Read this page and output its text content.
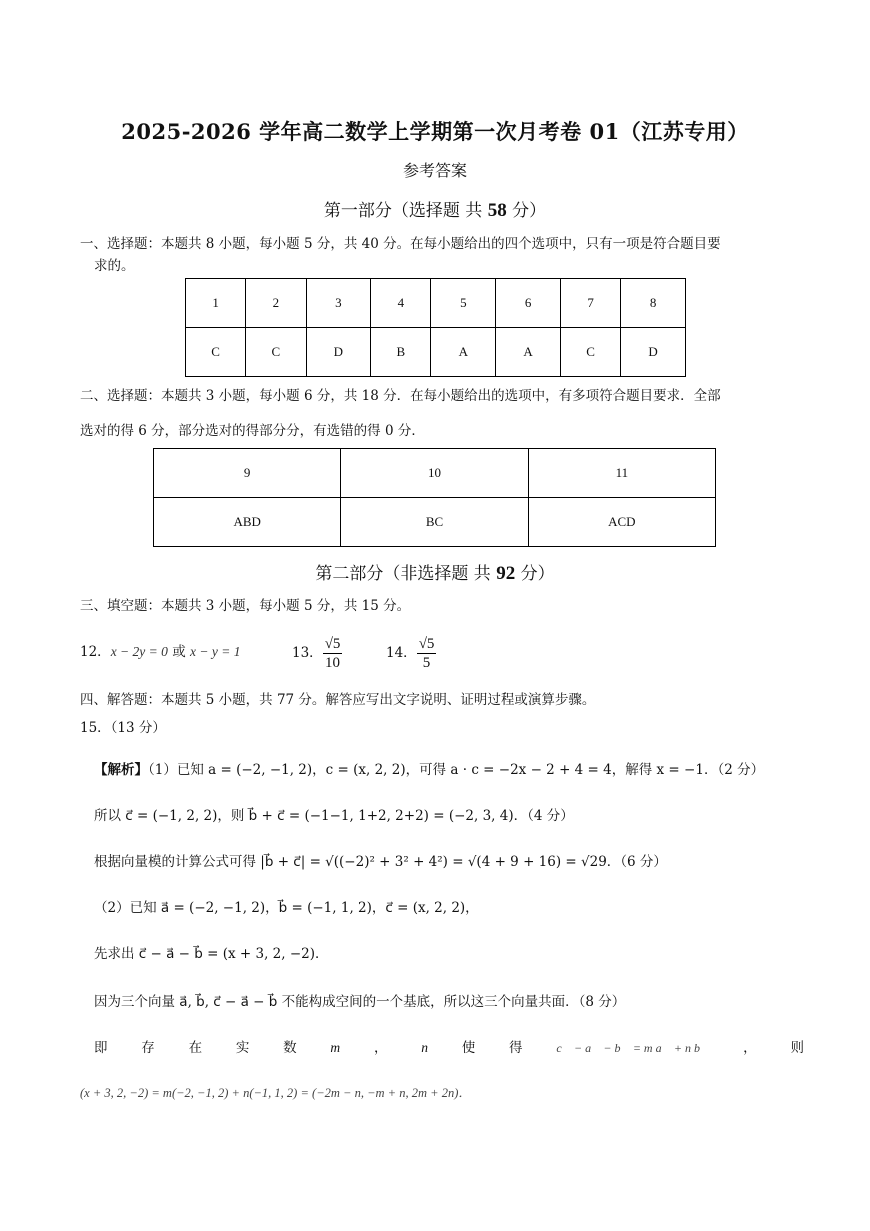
2025-2026 学年高二数学上学期第一次月考卷 01（江苏专用）
参考答案
第一部分（选择题 共 58 分）
一、选择题：本题共 8 小题，每小题 5 分，共 40 分。在每小题给出的四个选项中，只有一项是符合题目要
求的。
1	2	3	4	5	6	7	8
C	C	D	B	A	A	C	D
二、选择题：本题共 3 小题，每小题 6 分，共 18 分．在每小题给出的选项中，有多项符合题目要求．全部
选对的得 6 分，部分选对的得部分分，有选错的得 0 分．
9	10	11
ABD	BC	ACD
第二部分（非选择题 共 92 分）
三、填空题：本题共 3 小题，每小题 5 分，共 15 分。
12．x − 2y = 0 或 x − y = 1	13． $\frac{√5}{10}$	14． $\frac{√5}{5}$
四、解答题：本题共 5 小题，共 77 分。解答应写出文字说明、证明过程或演算步骤。
15．（13 分）
【解析】（1）已知 a = (−2, −1, 2)，c = (x, 2, 2)，可得 a · c = −2x − 2 + 4 = 4，解得 x = −1．（2 分）
所以 c⃗ = (−1, 2, 2)，则 b⃗ + c⃗ = (−1−1, 1+2, 2+2) = (−2, 3, 4)．（4 分）
根据向量模的计算公式可得 |b⃗ + c⃗| = √((−2)² + 3² + 4²) = √(4 + 9 + 16) = √29．（6 分）
（2）已知 a⃗ = (−2, −1, 2)，b⃗ = (−1, 1, 2)，c⃗ = (x, 2, 2)，
先求出 c⃗ − a⃗ − b⃗ = (x + 3, 2, −2)．
因为三个向量 a⃗, b⃗, c⃗ − a⃗ − b⃗ 不能构成空间的一个基底，所以这三个向量共面．（8 分）
即	存	在	实	数	m	，	n	使	得	c⃗ − a⃗ − b⃗ = m a⃗ + n b⃗	，	则
(x + 3, 2, −2) = m(−2, −1, 2) + n(−1, 1, 2) = (−2m − n, −m + n, 2m + 2n)．
